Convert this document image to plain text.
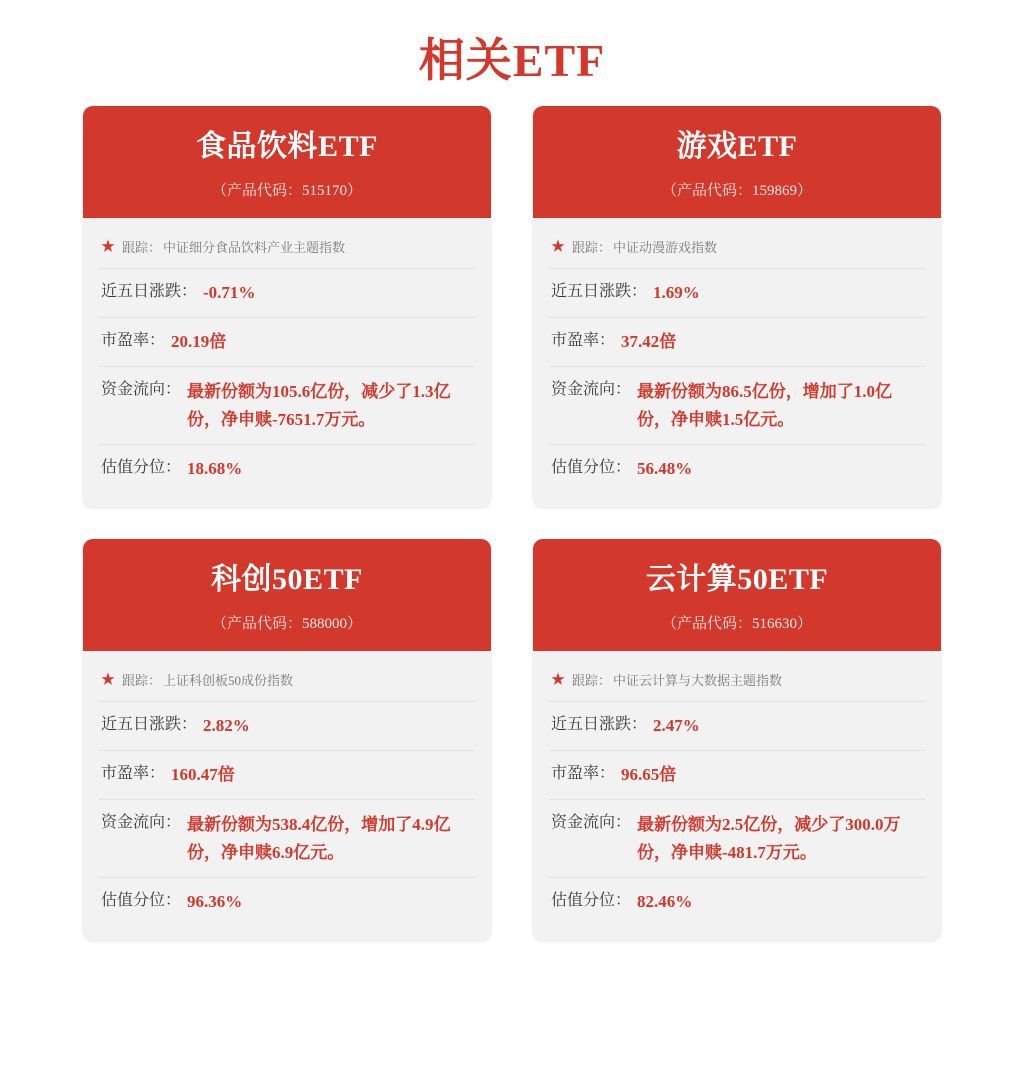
相关ETF
食品饮料ETF
（产品代码：515170）
★ 跟踪： 中证细分食品饮料产业主题指数
近五日涨跌： -0.71%
市盈率： 20.19倍
资金流向： 最新份额为105.6亿份，减少了1.3亿份，净申赎-7651.7万元。
估值分位： 18.68%
游戏ETF
（产品代码：159869）
★ 跟踪： 中证动漫游戏指数
近五日涨跌： 1.69%
市盈率： 37.42倍
资金流向： 最新份额为86.5亿份，增加了1.0亿份，净申赎1.5亿元。
估值分位： 56.48%
科创50ETF
（产品代码：588000）
★ 跟踪： 上证科创板50成份指数
近五日涨跌： 2.82%
市盈率： 160.47倍
资金流向： 最新份额为538.4亿份，增加了4.9亿份，净申赎6.9亿元。
估值分位： 96.36%
云计算50ETF
（产品代码：516630）
★ 跟踪： 中证云计算与大数据主题指数
近五日涨跌： 2.47%
市盈率： 96.65倍
资金流向： 最新份额为2.5亿份，减少了300.0万份，净申赎-481.7万元。
估值分位： 82.46%
